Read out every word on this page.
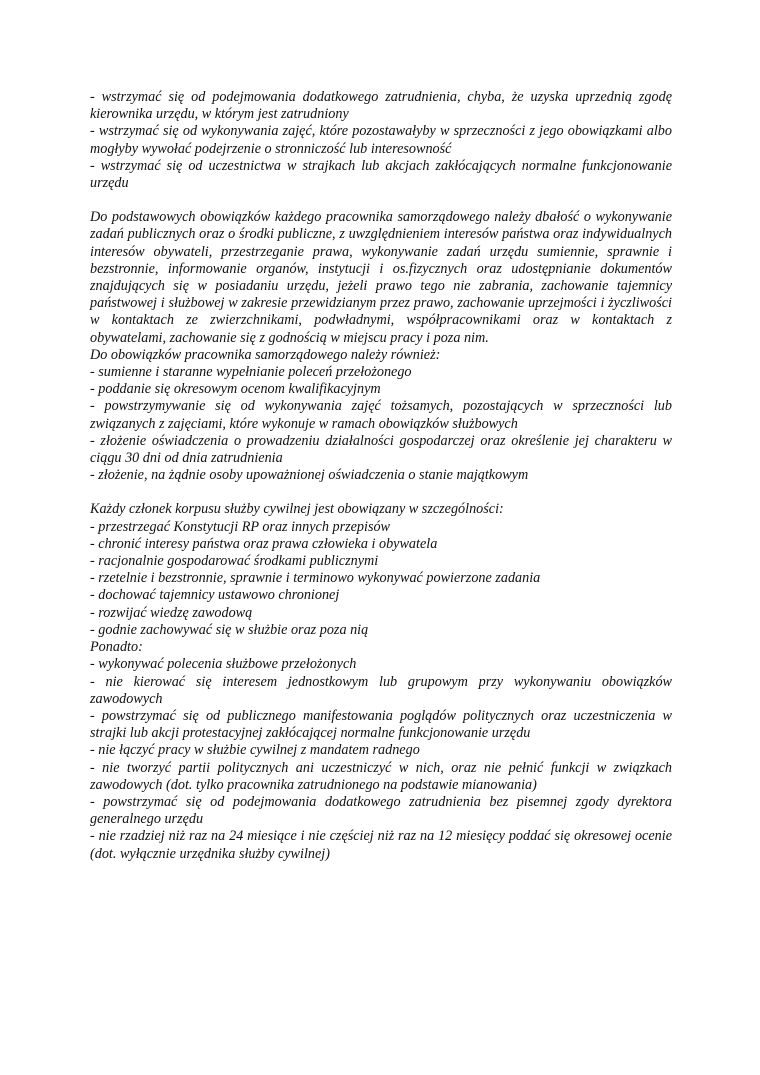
- wstrzymać się od podejmowania dodatkowego zatrudnienia, chyba, że uzyska uprzednią zgodę kierownika urzędu, w którym jest zatrudniony

- wstrzymać się od wykonywania zajęć, które pozostawałyby w sprzeczności z jego obowiązkami albo mogłyby wywołać podejrzenie o stronniczość lub interesowność

- wstrzymać się od uczestnictwa w strajkach lub akcjach zakłócających normalne funkcjonowanie urzędu

Do podstawowych obowiązków każdego pracownika samorządowego należy dbałość o wykonywanie zadań publicznych oraz o środki publiczne, z uwzględnieniem interesów państwa oraz indywidualnych interesów obywateli, przestrzeganie prawa, wykonywanie zadań urzędu sumiennie, sprawnie i bezstronnie, informowanie organów, instytucji i os.fizycznych oraz udostępnianie dokumentów znajdujących się w posiadaniu urzędu, jeżeli prawo tego nie zabrania, zachowanie tajemnicy państwowej i służbowej w zakresie przewidzianym przez prawo, zachowanie uprzejmości i życzliwości w kontaktach ze zwierzchnikami, podwładnymi, współpracownikami oraz w kontaktach z obywatelami, zachowanie się z godnością w miejscu pracy i poza nim.

Do obowiązków pracownika samorządowego należy również:

- sumienne i staranne wypełnianie poleceń przełożonego

- poddanie się okresowym ocenom kwalifikacyjnym

- powstrzymywanie się od wykonywania zajęć tożsamych, pozostających w sprzeczności lub związanych z zajęciami, które wykonuje w ramach obowiązków służbowych

- złożenie oświadczenia o prowadzeniu działalności gospodarczej oraz określenie jej charakteru w ciągu 30 dni od dnia zatrudnienia

- złożenie, na żądnie osoby upoważnionej oświadczenia o stanie majątkowym

Każdy członek korpusu służby cywilnej jest obowiązany w szczególności:

- przestrzegać Konstytucji RP oraz innych przepisów

- chronić interesy państwa oraz prawa człowieka i obywatela

- racjonalnie gospodarować środkami publicznymi

- rzetelnie i bezstronnie, sprawnie i terminowo wykonywać powierzone zadania

- dochować tajemnicy ustawowo chronionej

- rozwijać wiedzę zawodową

- godnie zachowywać się w służbie oraz poza nią

Ponadto:

- wykonywać polecenia służbowe przełożonych

- nie kierować się interesem jednostkowym lub grupowym przy wykonywaniu obowiązków zawodowych

- powstrzymać się od publicznego manifestowania poglądów politycznych oraz uczestniczenia w strajki lub akcji protestacyjnej zakłócającej normalne funkcjonowanie urzędu

- nie łączyć pracy w służbie cywilnej z mandatem radnego

- nie tworzyć partii politycznych ani uczestniczyć w nich, oraz nie pełnić funkcji w związkach zawodowych (dot. tylko pracownika zatrudnionego na podstawie mianowania)

- powstrzymać się od podejmowania dodatkowego zatrudnienia bez pisemnej zgody dyrektora generalnego urzędu

- nie rzadziej niż raz na 24 miesiące i nie częściej niż raz na 12 miesięcy poddać się okresowej ocenie (dot. wyłącznie urzędnika służby cywilnej)
